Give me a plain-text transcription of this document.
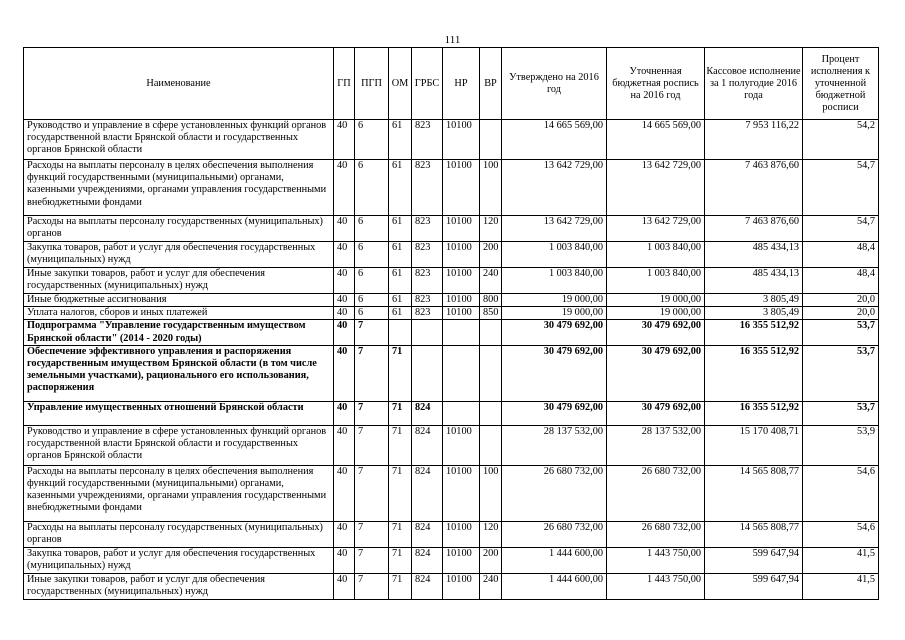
111
Наименование	ГП	ПГП	ОМ	ГРБС	НР	ВР	Утверждено на 2016 год	Уточненная бюджетная роспись на 2016 год	Кассовое исполнение за 1 полугодие 2016 года	Процент исполнения к уточненной бюджетной росписи
Руководство и управление в сфере установленных функций органов государственной власти Брянской области и государственных органов Брянской области	40	6	61	823	10100		14 665 569,00	14 665 569,00	7 953 116,22	54,2
Расходы на выплаты персоналу в целях обеспечения выполнения функций государственными (муниципальными) органами, казенными учреждениями, органами управления государственными внебюджетными фондами	40	6	61	823	10100	100	13 642 729,00	13 642 729,00	7 463 876,60	54,7
Расходы на выплаты персоналу государственных (муниципальных) органов	40	6	61	823	10100	120	13 642 729,00	13 642 729,00	7 463 876,60	54,7
Закупка товаров, работ и услуг для обеспечения государственных (муниципальных) нужд	40	6	61	823	10100	200	1 003 840,00	1 003 840,00	485 434,13	48,4
Иные закупки товаров, работ и услуг для обеспечения государственных (муниципальных) нужд	40	6	61	823	10100	240	1 003 840,00	1 003 840,00	485 434,13	48,4
Иные бюджетные ассигнования	40	6	61	823	10100	800	19 000,00	19 000,00	3 805,49	20,0
Уплата налогов, сборов и иных платежей	40	6	61	823	10100	850	19 000,00	19 000,00	3 805,49	20,0
Подпрограмма "Управление государственным имуществом Брянской области" (2014 - 2020 годы)	40	7					30 479 692,00	30 479 692,00	16 355 512,92	53,7
Обеспечение эффективного управления и распоряжения государственным имуществом Брянской области (в том числе земельными участками), рационального его использования, распоряжения	40	7	71				30 479 692,00	30 479 692,00	16 355 512,92	53,7
Управление имущественных отношений Брянской области	40	7	71	824			30 479 692,00	30 479 692,00	16 355 512,92	53,7
Руководство и управление в сфере установленных функций органов государственной власти Брянской области и государственных органов Брянской области	40	7	71	824	10100		28 137 532,00	28 137 532,00	15 170 408,71	53,9
Расходы на выплаты персоналу в целях обеспечения выполнения функций государственными (муниципальными) органами, казенными учреждениями, органами управления государственными внебюджетными фондами	40	7	71	824	10100	100	26 680 732,00	26 680 732,00	14 565 808,77	54,6
Расходы на выплаты персоналу государственных (муниципальных) органов	40	7	71	824	10100	120	26 680 732,00	26 680 732,00	14 565 808,77	54,6
Закупка товаров, работ и услуг для обеспечения государственных (муниципальных) нужд	40	7	71	824	10100	200	1 444 600,00	1 443 750,00	599 647,94	41,5
Иные закупки товаров, работ и услуг для обеспечения государственных (муниципальных) нужд	40	7	71	824	10100	240	1 444 600,00	1 443 750,00	599 647,94	41,5
